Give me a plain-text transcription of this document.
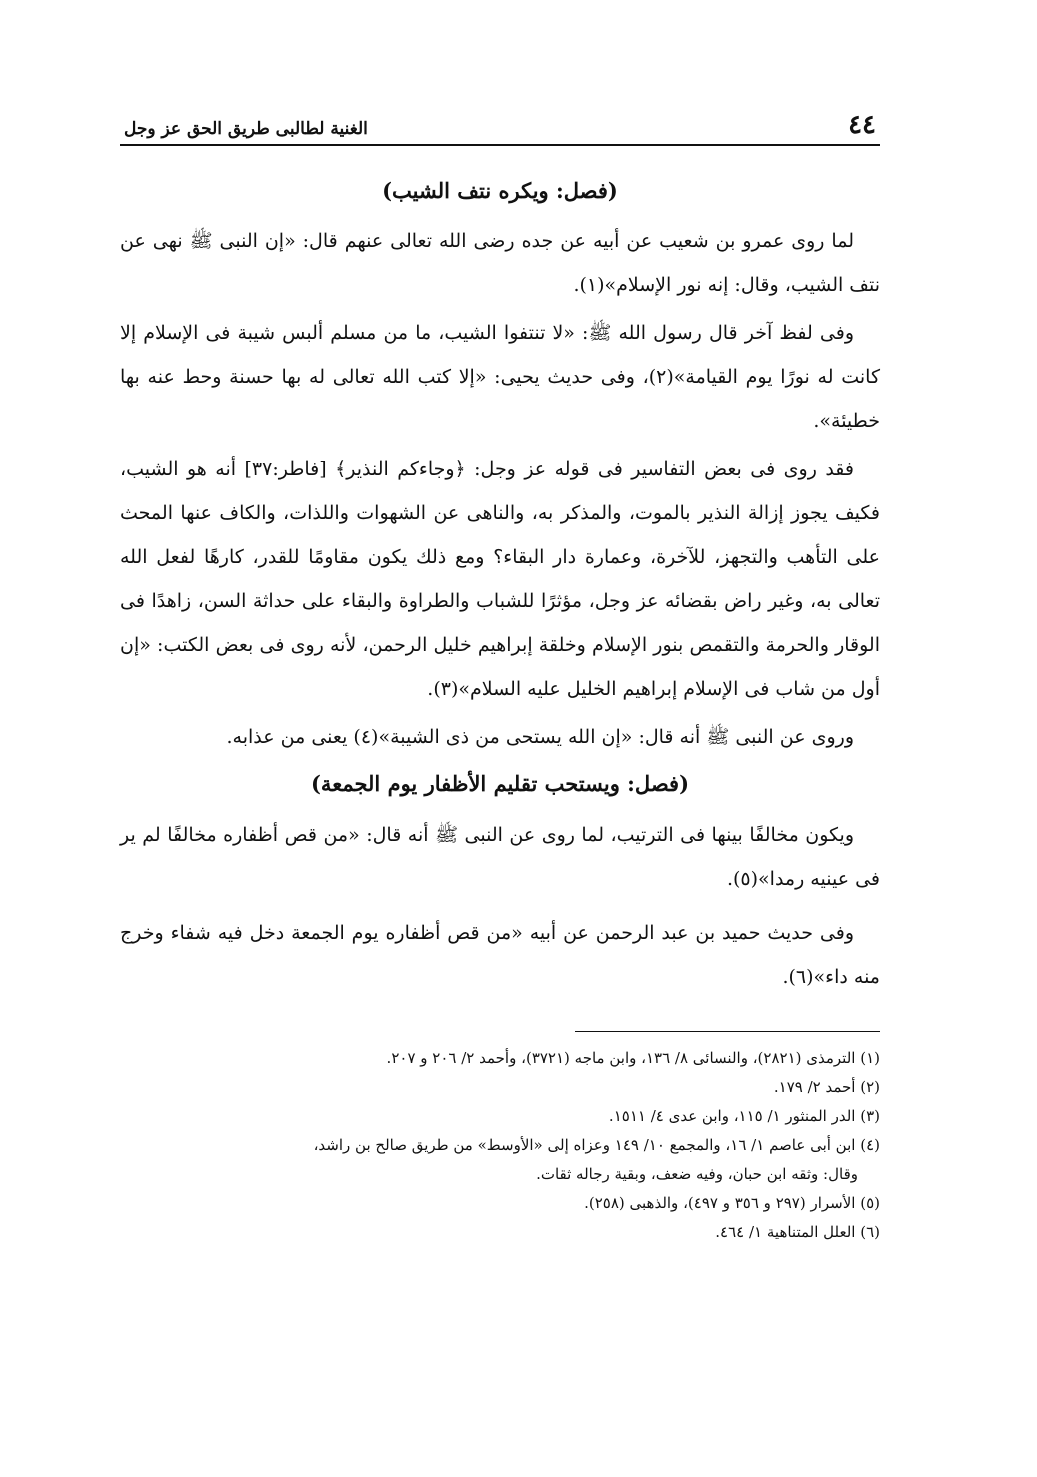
٤٤
الغنية لطالبى طريق الحق عز وجل
(فصل: ويكره نتف الشيب)

لما روى عمرو بن شعيب عن أبيه عن جده رضى الله تعالى عنهم قال: «إن النبى ﷺ نهى عن نتف الشيب، وقال: إنه نور الإسلام»(١).

وفى لفظ آخر قال رسول الله ﷺ: «لا تنتفوا الشيب، ما من مسلم ألبس شيبة فى الإسلام إلا كانت له نورًا يوم القيامة»(٢)، وفى حديث يحيى: «إلا كتب الله تعالى له بها حسنة وحط عنه بها خطيئة».

فقد روى فى بعض التفاسير فى قوله عز وجل: ﴿وجاءكم النذير﴾ [فاطر:٣٧] أنه هو الشيب، فكيف يجوز إزالة النذير بالموت، والمذكر به، والناهى عن الشهوات واللذات، والكاف عنها المحث على التأهب والتجهز، للآخرة، وعمارة دار البقاء؟ ومع ذلك يكون مقاومًا للقدر، كارهًا لفعل الله تعالى به، وغير راض بقضائه عز وجل، مؤثرًا للشباب والطراوة والبقاء على حداثة السن، زاهدًا فى الوقار والحرمة والتقمص بنور الإسلام وخلقة إبراهيم خليل الرحمن، لأنه روى فى بعض الكتب: «إن أول من شاب فى الإسلام إبراهيم الخليل عليه السلام»(٣).

وروى عن النبى ﷺ أنه قال: «إن الله يستحى من ذى الشيبة»(٤) يعنى من عذابه.

(فصل: ويستحب تقليم الأظفار يوم الجمعة)

ويكون مخالفًا بينها فى الترتيب، لما روى عن النبى ﷺ أنه قال: «من قص أظفاره مخالفًا لم ير فى عينيه رمدا»(٥).

وفى حديث حميد بن عبد الرحمن عن أبيه «من قص أظفاره يوم الجمعة دخل فيه شفاء وخرج منه داء»(٦).

(١) الترمذى (٢٨٢١)، والنسائى ٨/ ١٣٦، وابن ماجه (٣٧٢١)، وأحمد ٢/ ٢٠٦ و ٢٠٧.

(٢) أحمد ٢/ ١٧٩.

(٣) الدر المنثور ١/ ١١٥، وابن عدى ٤/ ١٥١١.

(٤) ابن أبى عاصم ١/ ١٦، والمجمع ١٠/ ١٤٩ وعزاه إلى «الأوسط» من طريق صالح بن راشد،

وقال: وثقه ابن حبان، وفيه ضعف، وبقية رجاله ثقات.

(٥) الأسرار (٢٩٧ و ٣٥٦ و ٤٩٧)، والذهبى (٢٥٨).

(٦) العلل المتناهية ١/ ٤٦٤.
